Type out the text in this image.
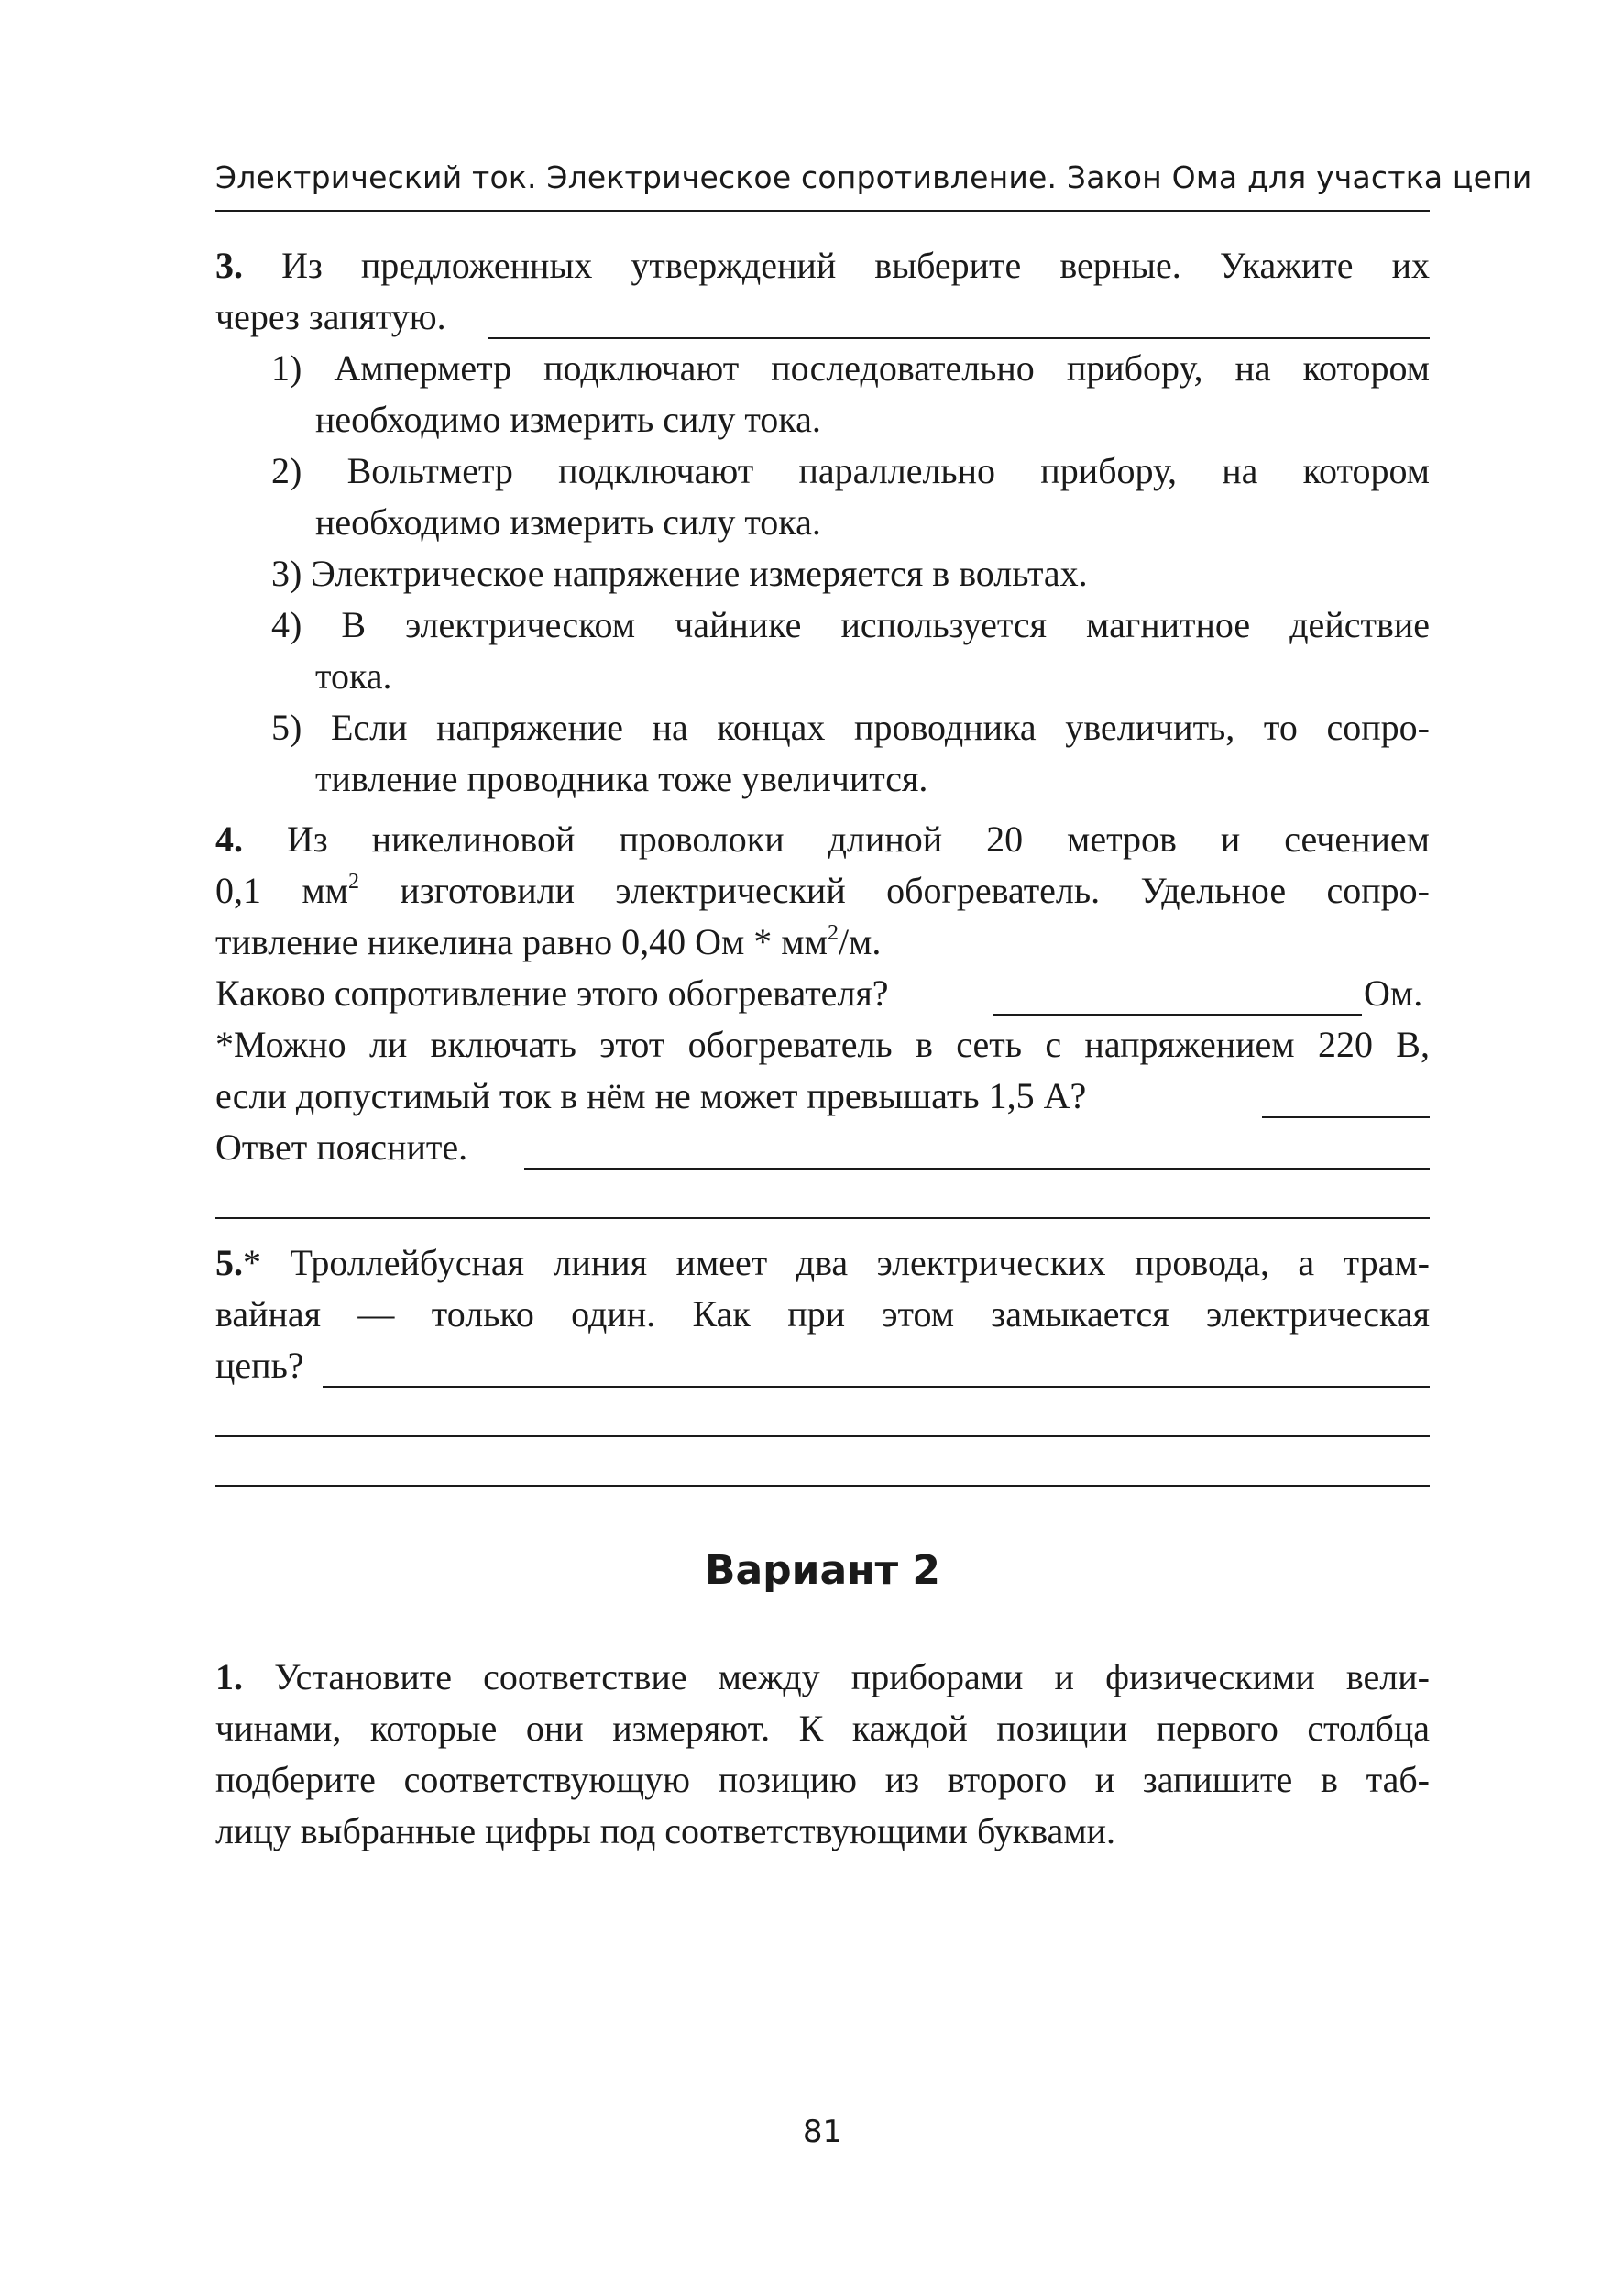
Электрический ток. Электрическое сопротивление. Закон Ома для участка цепи
3. Из предложенных утверждений выберите верные. Укажите их
через запятую.
1) Амперметр подключают последовательно прибору, на котором
необходимо измерить силу тока.
2) Вольтметр подключают параллельно прибору, на котором
необходимо измерить силу тока.
3) Электрическое напряжение измеряется в вольтах.
4) В электрическом чайнике используется магнитное действие
тока.
5) Если напряжение на концах проводника увеличить, то сопро-
тивление проводника тоже увеличится.
4. Из никелиновой проволоки длиной 20 метров и сечением
0,1 $мм^2$ изготовили электрический обогреватель. Удельное сопро-
тивление никелина равно 0,40 Ом * $мм^2/м$.
Каково сопротивление этого обогревателя?	Ом.
*Можно ли включать этот обогреватель в сеть с напряжением 220 В,
если допустимый ток в нём не может превышать 1,5 А?
Ответ поясните.
5.* Троллейбусная линия имеет два электрических провода, а трам-
вайная — только один. Как при этом замыкается электрическая
цепь?
Вариант 2
1. Установите соответствие между приборами и физическими вели-
чинами, которые они измеряют. К каждой позиции первого столбца
подберите соответствующую позицию из второго и запишите в таб-
лицу выбранные цифры под соответствующими буквами.
81
